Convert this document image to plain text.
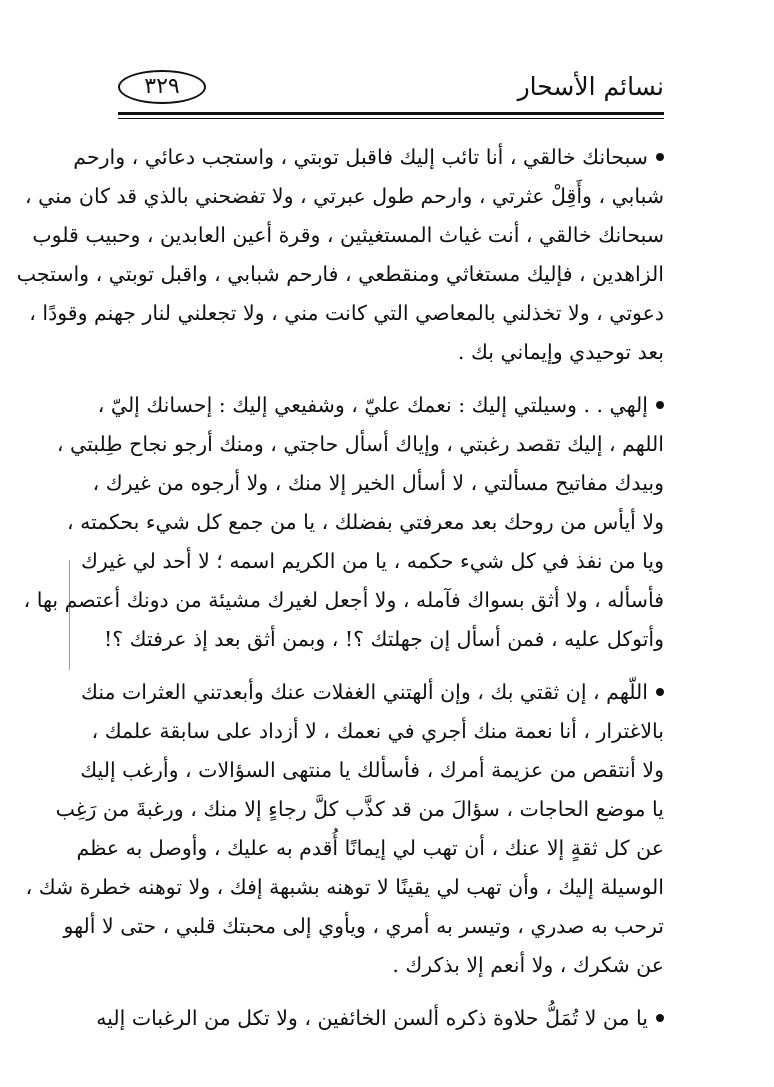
نسائم الأسحار
٣٢٩
سبحانك خالقي ، أنا تائب إليك فاقبل توبتي ، واستجب دعائي ، وارحم
شبابي ، وأَقِلْ عثرتي ، وارحم طول عبرتي ، ولا تفضحني بالذي قد كان مني ،
سبحانك خالقي ، أنت غياث المستغيثين ، وقرة أعين العابدين ، وحبيب قلوب
الزاهدين ، فإليك مستغاثي ومنقطعي ، فارحم شبابي ، واقبل توبتي ، واستجب
دعوتي ، ولا تخذلني بالمعاصي التي كانت مني ، ولا تجعلني لنار جهنم وقودًا ،
بعد توحيدي وإيماني بك .
إلهي . . وسيلتي إليك : نعمك عليّ ، وشفيعي إليك : إحسانك إليّ ،
اللهم ، إليك تقصد رغبتي ، وإياك أسأل حاجتي ، ومنك أرجو نجاح طِلبتي ،
وبيدك مفاتيح مسألتي ، لا أسأل الخير إلا منك ، ولا أرجوه من غيرك ،
ولا أيأس من روحك بعد معرفتي بفضلك ، يا من جمع كل شيء بحكمته ،
ويا من نفذ في كل شيء حكمه ، يا من الكريم اسمه ؛ لا أحد لي غيرك
فأسأله ، ولا أثق بسواك فآمله ، ولا أجعل لغيرك مشيئة من دونك أعتصم بها ،
وأتوكل عليه ، فمن أسأل إن جهلتك ؟! ، وبمن أثق بعد إذ عرفتك ؟!
اللّهم ، إن ثقتي بك ، وإن ألهتني الغفلات عنك وأبعدتني العثرات منك
بالاغترار ، أنا نعمة منك أجري في نعمك ، لا أزداد على سابقة علمك ،
ولا أنتقص من عزيمة أمرك ، فأسألك يا منتهى السؤالات ، وأرغب إليك
يا موضع الحاجات ، سؤالَ من قد كذَّب كلَّ رجاءٍ إلا منك ، ورغبةَ من رَغِب
عن كل ثقةٍ إلا عنك ، أن تهب لي إيمانًا أُقدم به عليك ، وأوصل به عظم
الوسيلة إليك ، وأن تهب لي يقينًا لا توهنه بشبهة إفك ، ولا توهنه خطرة شك ،
ترحب به صدري ، وتيسر به أمري ، ويأوي إلى محبتك قلبي ، حتى لا ألهو
عن شكرك ، ولا أنعم إلا بذكرك .
يا من لا تُمَلُّ حلاوة ذكره ألسن الخائفين ، ولا تكل من الرغبات إليه
